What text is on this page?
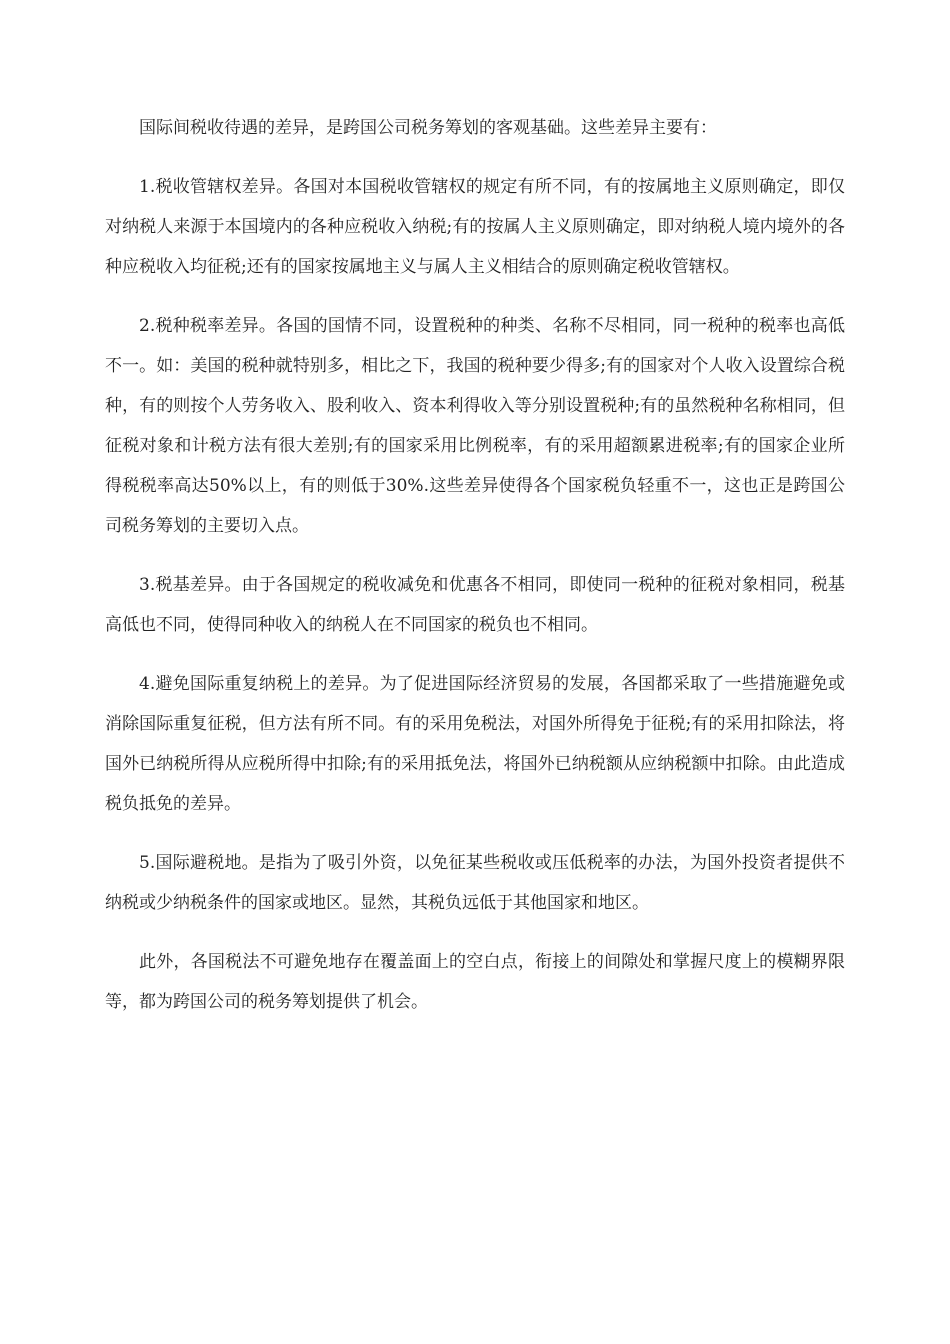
国际间税收待遇的差异，是跨国公司税务筹划的客观基础。这些差异主要有：

1.税收管辖权差异。各国对本国税收管辖权的规定有所不同，有的按属地主义原则确定，即仅对纳税人来源于本国境内的各种应税收入纳税;有的按属人主义原则确定，即对纳税人境内境外的各种应税收入均征税;还有的国家按属地主义与属人主义相结合的原则确定税收管辖权。

2.税种税率差异。各国的国情不同，设置税种的种类、名称不尽相同，同一税种的税率也高低不一。如：美国的税种就特别多，相比之下，我国的税种要少得多;有的国家对个人收入设置综合税种，有的则按个人劳务收入、股利收入、资本利得收入等分别设置税种;有的虽然税种名称相同，但征税对象和计税方法有很大差别;有的国家采用比例税率，有的采用超额累进税率;有的国家企业所得税税率高达50%以上，有的则低于30%.这些差异使得各个国家税负轻重不一，这也正是跨国公司税务筹划的主要切入点。

3.税基差异。由于各国规定的税收减免和优惠各不相同，即使同一税种的征税对象相同，税基高低也不同，使得同种收入的纳税人在不同国家的税负也不相同。

4.避免国际重复纳税上的差异。为了促进国际经济贸易的发展，各国都采取了一些措施避免或消除国际重复征税，但方法有所不同。有的采用免税法，对国外所得免于征税;有的采用扣除法，将国外已纳税所得从应税所得中扣除;有的采用抵免法，将国外已纳税额从应纳税额中扣除。由此造成税负抵免的差异。

5.国际避税地。是指为了吸引外资，以免征某些税收或压低税率的办法，为国外投资者提供不纳税或少纳税条件的国家或地区。显然，其税负远低于其他国家和地区。

此外，各国税法不可避免地存在覆盖面上的空白点，衔接上的间隙处和掌握尺度上的模糊界限等，都为跨国公司的税务筹划提供了机会。
